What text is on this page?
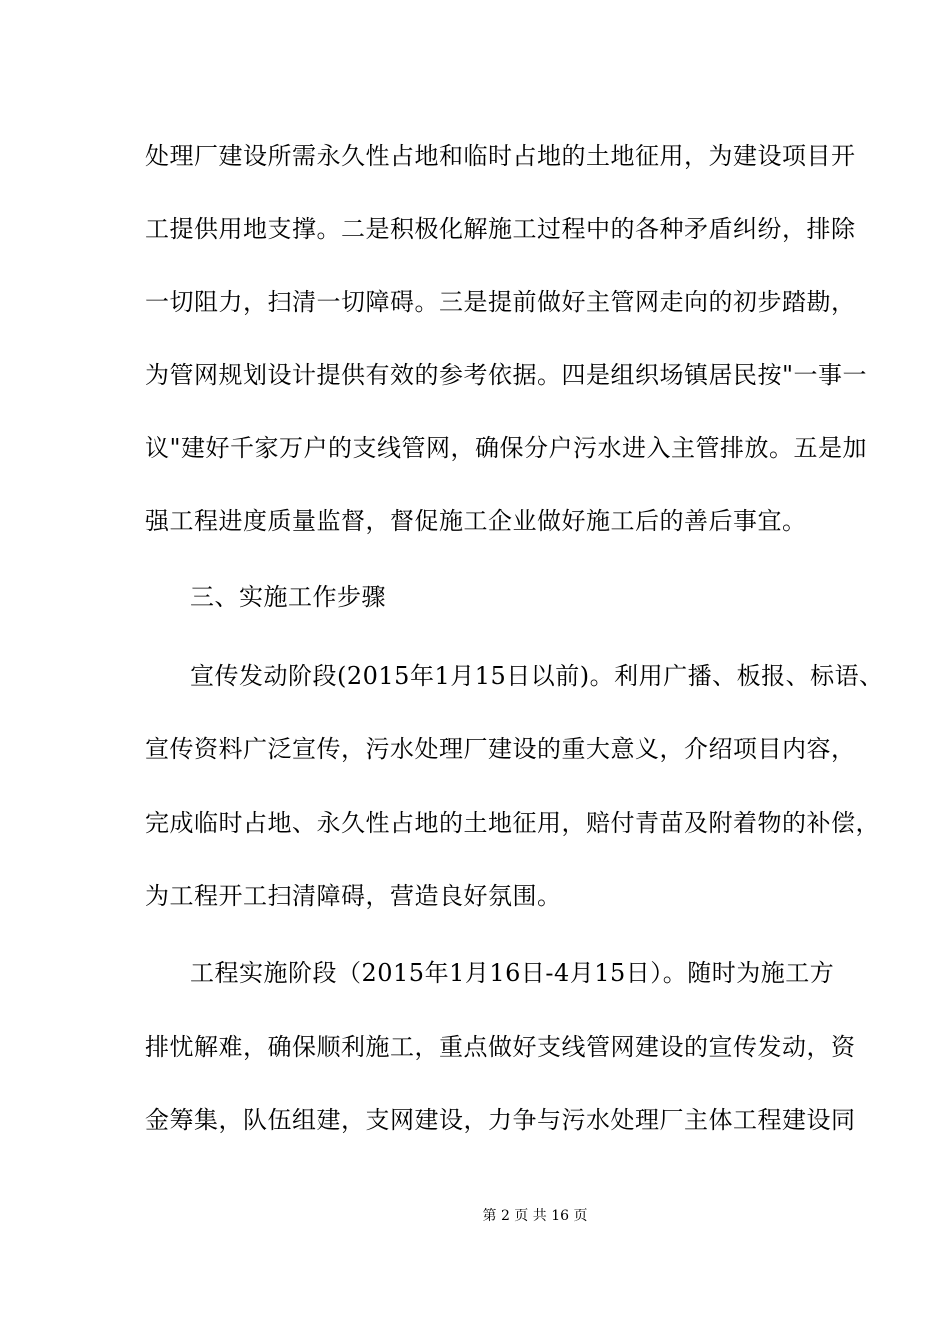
处理厂建设所需永久性占地和临时占地的土地征用，为建设项目开
工提供用地支撑。二是积极化解施工过程中的各种矛盾纠纷，排除
一切阻力，扫清一切障碍。三是提前做好主管网走向的初步踏勘，
为管网规划设计提供有效的参考依据。四是组织场镇居民按"一事一
议"建好千家万户的支线管网，确保分户污水进入主管排放。五是加
强工程进度质量监督，督促施工企业做好施工后的善后事宜。
三、实施工作步骤
宣传发动阶段(2015年1月15日以前)。利用广播、板报、标语、
宣传资料广泛宣传，污水处理厂建设的重大意义，介绍项目内容，
完成临时占地、永久性占地的土地征用，赔付青苗及附着物的补偿，
为工程开工扫清障碍，营造良好氛围。
工程实施阶段（2015年1月16日-4月15日）。随时为施工方
排忧解难，确保顺利施工，重点做好支线管网建设的宣传发动，资
金筹集，队伍组建，支网建设，力争与污水处理厂主体工程建设同
第 2 页 共 16 页
